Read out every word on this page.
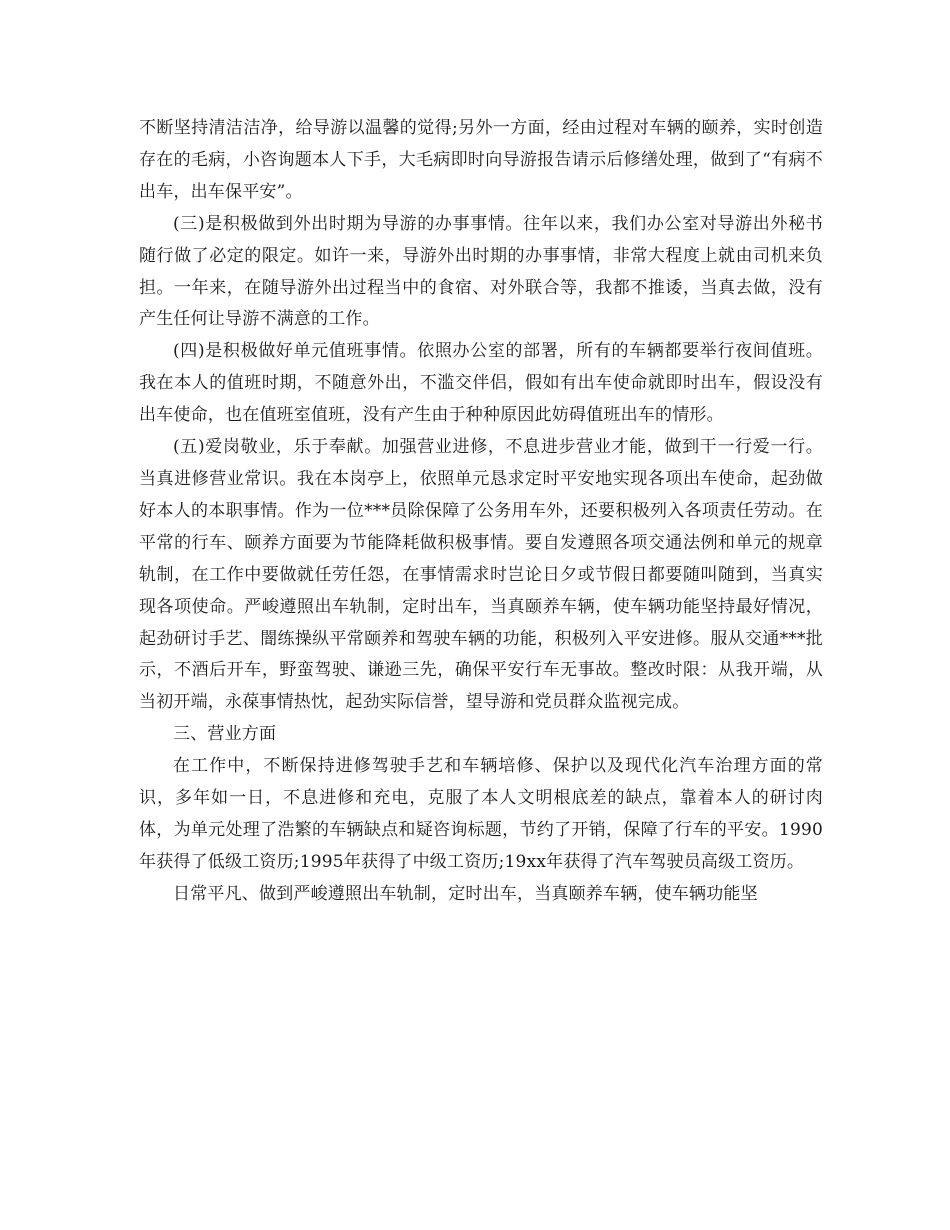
不断坚持清洁洁净，给导游以温馨的觉得;另外一方面，经由过程对车辆的颐养，实时创造存在的毛病，小咨询题本人下手，大毛病即时向导游报告请示后修缮处理，做到了“有病不出车，出车保平安”。

(三)是积极做到外出时期为导游的办事事情。往年以来，我们办公室对导游出外秘书随行做了必定的限定。如许一来，导游外出时期的办事事情，非常大程度上就由司机来负担。一年来，在随导游外出过程当中的食宿、对外联合等，我都不推诿，当真去做，没有产生任何让导游不满意的工作。

(四)是积极做好单元值班事情。依照办公室的部署，所有的车辆都要举行夜间值班。我在本人的值班时期，不随意外出，不滥交伴侣，假如有出车使命就即时出车，假设没有出车使命，也在值班室值班，没有产生由于种种原因此妨碍值班出车的情形。

(五)爱岗敬业，乐于奉献。加强营业进修，不息进步营业才能，做到干一行爱一行。当真进修营业常识。我在本岗亭上，依照单元恳求定时平安地实现各项出车使命，起劲做好本人的本职事情。作为一位***员除保障了公务用车外，还要积极列入各项责任劳动。在平常的行车、颐养方面要为节能降耗做积极事情。要自发遵照各项交通法例和单元的规章轨制，在工作中要做就任劳任怨，在事情需求时岂论日夕或节假日都要随叫随到，当真实现各项使命。严峻遵照出车轨制，定时出车，当真颐养车辆，使车辆功能坚持最好情况，起劲研讨手艺、闇练操纵平常颐养和驾驶车辆的功能，积极列入平安进修。服从交通***批示，不酒后开车，野蛮驾驶、谦逊三先，确保平安行车无事故。整改时限：从我开端，从当初开端，永葆事情热忱，起劲实际信誉，望导游和党员群众监视完成。

三、营业方面

在工作中，不断保持进修驾驶手艺和车辆培修、保护以及现代化汽车治理方面的常识，多年如一日，不息进修和充电，克服了本人文明根底差的缺点，靠着本人的研讨肉体，为单元处理了浩繁的车辆缺点和疑咨询标题，节约了开销，保障了行车的平安。1990年获得了低级工资历;1995年获得了中级工资历;19xx年获得了汽车驾驶员高级工资历。

日常平凡、做到严峻遵照出车轨制，定时出车，当真颐养车辆，使车辆功能坚
